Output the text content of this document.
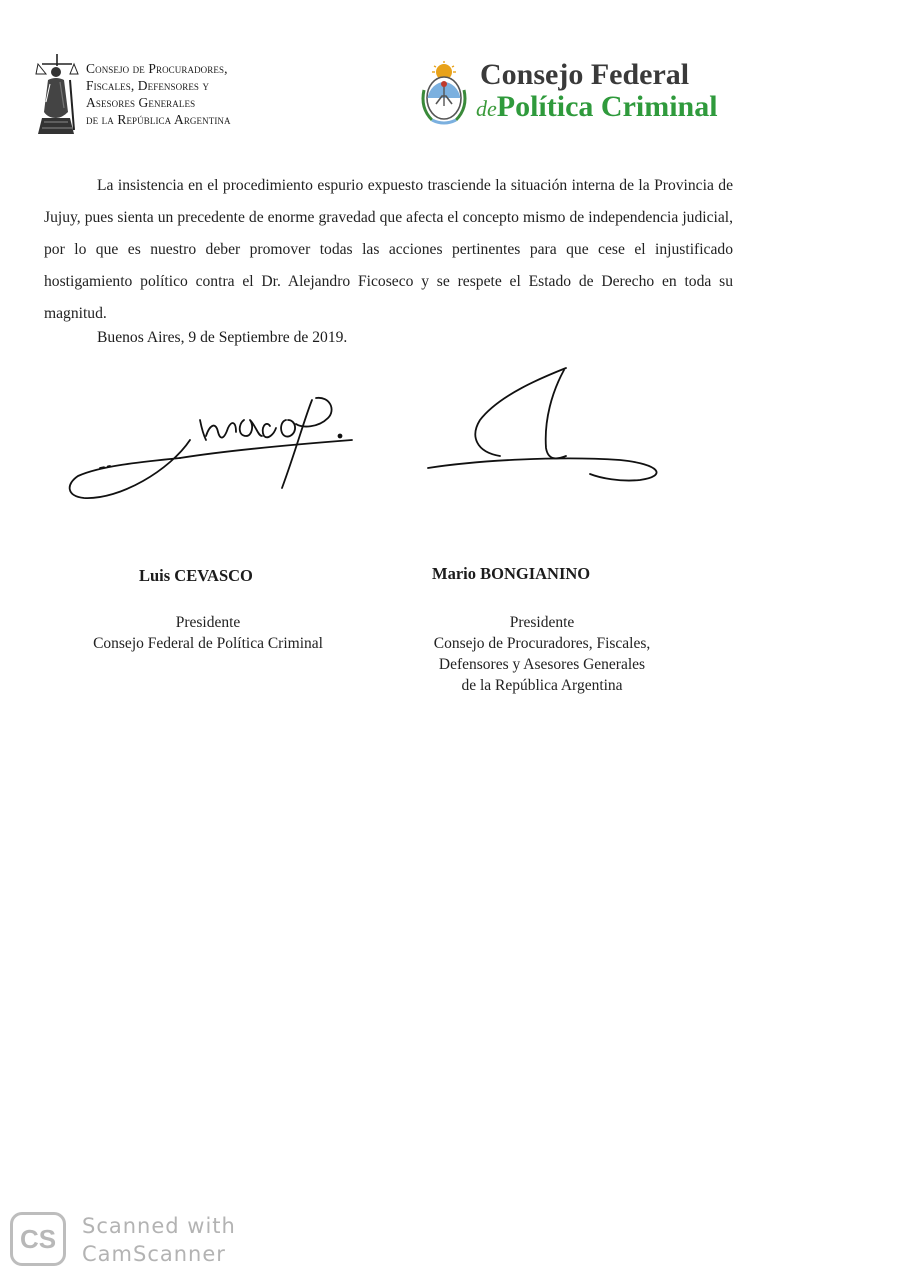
Consejo de Procuradores,
Fiscales, Defensores y
Asesores Generales
de la República Argentina
Consejo Federal
dePolítica Criminal

La insistencia en el procedimiento espurio expuesto trasciende la situación interna de la Provincia de Jujuy, pues sienta un precedente de enorme gravedad que afecta el concepto mismo de independencia judicial, por lo que es nuestro deber promover todas las acciones pertinentes para que cese el injustificado hostigamiento político contra el Dr. Alejandro Ficoseco y se respete el Estado de Derecho en toda su magnitud.

Buenos Aires, 9 de Septiembre de 2019.
Luis CEVASCO	Mario BONGIANINO
Presidente
Consejo Federal de Política Criminal
Presidente
Consejo de Procuradores, Fiscales,
Defensores y Asesores Generales
de la República Argentina
CS	Scanned with
CamScanner
